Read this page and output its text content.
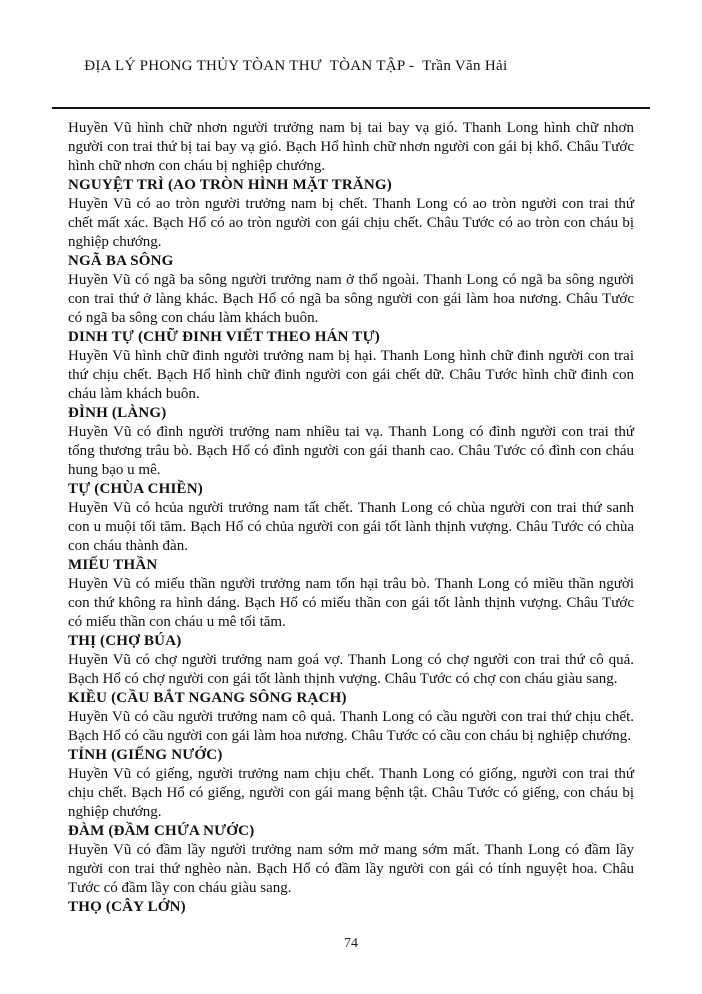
ĐỊA LÝ PHONG THỦY TÒAN THƯ  TÒAN TẬP -  Trần Văn Hải

Huyền Vũ hình chữ nhơn người trưởng nam bị tai bay vạ gió. Thanh Long hình chữ nhơn người con trai thứ bị tai bay vạ gió. Bạch Hổ hình chữ nhơn người con gái bị khổ. Châu Tước hình chữ nhơn con cháu bị nghiệp chướng.

NGUYỆT TRÌ (AO TRÒN HÌNH MẶT TRĂNG)

Huyền Vũ có ao tròn người trưởng nam bị chết. Thanh Long có ao tròn người con trai thứ chết mất xác. Bạch Hổ có ao tròn người con gái chịu chết. Châu Tước có ao tròn con cháu bị nghiệp chướng.

NGÃ BA SÔNG

Huyền Vũ có ngã ba sông người trưởng nam ở thổ ngoài. Thanh Long có ngã ba sông người con trai thứ ở làng khác. Bạch Hổ có ngã ba sông người con gái làm hoa nương. Châu Tước có ngã ba sông con cháu làm khách buôn.

DINH TỰ (CHỮ ĐINH VIẾT THEO HÁN TỰ)

Huyền Vũ hình chữ đinh người trưởng nam bị hại. Thanh Long hình chữ đinh người con trai thứ chịu chết. Bạch Hổ hình chữ đinh người con gái chết dữ. Châu Tước hình chữ đinh con cháu làm khách buôn.

ĐÌNH (LÀNG)

Huyền Vũ có đình người trưởng nam nhiều tai vạ. Thanh Long có đình người con trai thứ tổng thương trâu bò. Bạch Hổ có đình người con gái thanh cao. Châu Tước có đình con cháu hung bạo u mê.

TỰ (CHÙA CHIỀN)

Huyền Vũ có hcủa người trưởng nam tất chết. Thanh Long có chùa người con trai thứ sanh con u muội tối tăm. Bạch Hổ có chủa người con gái tốt lành thịnh vượng. Châu Tước có chùa con cháu thành đàn.

MIẾU THẦN

Huyền Vũ có miếu thần người trưởng nam tổn hại trâu bò. Thanh Long có miều thần người con thứ không ra hình dáng. Bạch Hổ có miếu thần con gái tốt lành thịnh vượng. Châu Tước có miếu thần con cháu u mê tối tăm.

THỊ (CHỢ BÚA)

Huyền Vũ có chợ người trưởng nam goá vợ. Thanh Long có chợ người con trai thứ cô quả. Bạch Hổ có chợ người con gái tốt lành thịnh vượng. Châu Tước có chợ con cháu giàu sang.

KIỀU (CẦU BẮT NGANG SÔNG RẠCH)

Huyền Vũ có cầu người trưởng nam cô quả. Thanh Long có cầu người con trai thứ chịu chết. Bạch Hổ có cầu người con gái làm hoa nương. Châu Tước có cầu con cháu bị nghiệp chướng.

TỈNH (GIẾNG NƯỚC)

Huyền Vũ có giếng, người trưởng nam chịu chết. Thanh Long có giống, người con trai thứ chịu chết. Bạch Hổ có giếng, người con gái mang bệnh tật. Châu Tước có giếng, con cháu bị nghiệp chướng.

ĐÀM (ĐẦM CHỨA NƯỚC)

Huyền Vũ có đầm lầy người trưởng nam sớm mở mang sớm mất. Thanh Long có đầm lầy người con trai thứ nghèo nàn. Bạch Hổ có đầm lầy người con gái có tính nguyệt hoa. Châu Tước có đầm lầy con cháu giàu sang.

THỌ (CÂY LỚN)
74
